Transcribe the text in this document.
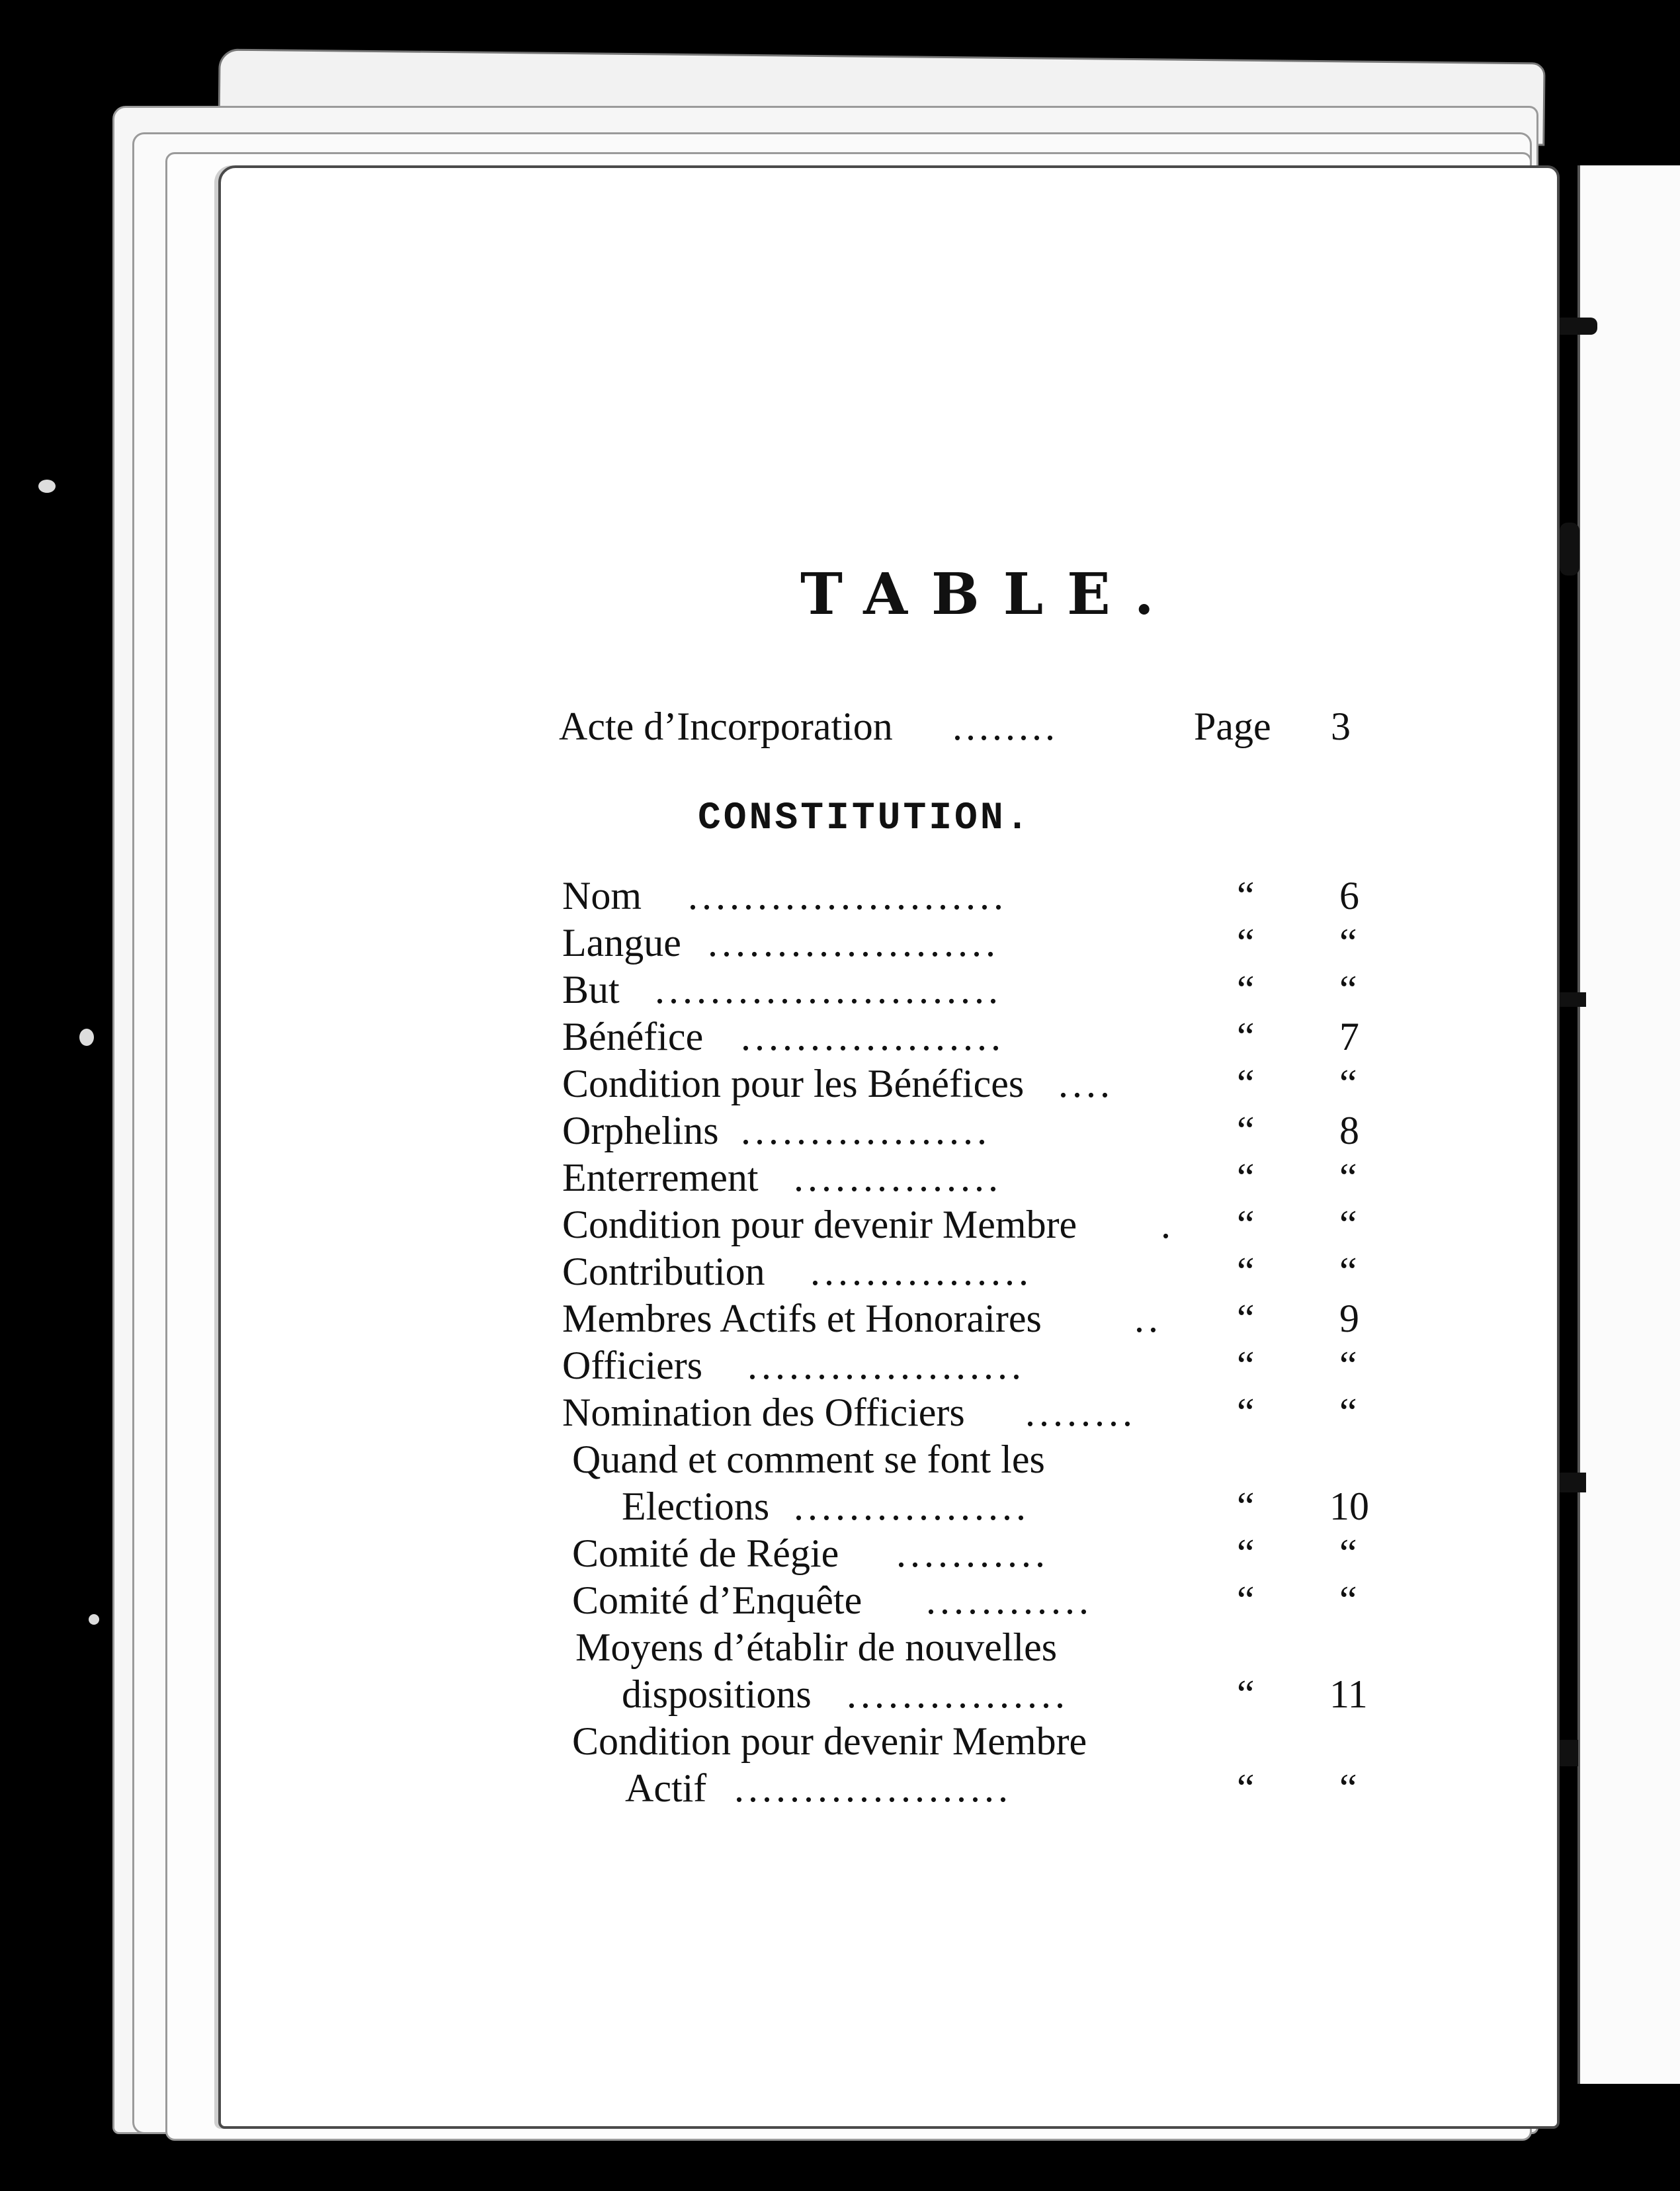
TABLE.
Acte d’Incorporation ........	Page 3
CONSTITUTION.
Nom .......................	“ 6
Langue .....................	“ “
But .........................	“ “
Bénéfice ...................	“ 7
Condition pour les Bénéfices ....	“ “
Orphelins ..................	“ 8
Enterrement ...............	“ “
Condition pour devenir Membre . “ “
Contribution ................	“ “
Membres Actifs et Honoraires .. “ 9
Officiers ....................	“ “
Nomination des Officiers ........	“ “
Quand et comment se font les
Elections .................	“ 10
Comité de Régie ...........	“ “
Comité d’Enquête ............	“ “
Moyens d’établir de nouvelles
dispositions ................	“ 11
Condition pour devenir Membre
Actif ....................	“ “
